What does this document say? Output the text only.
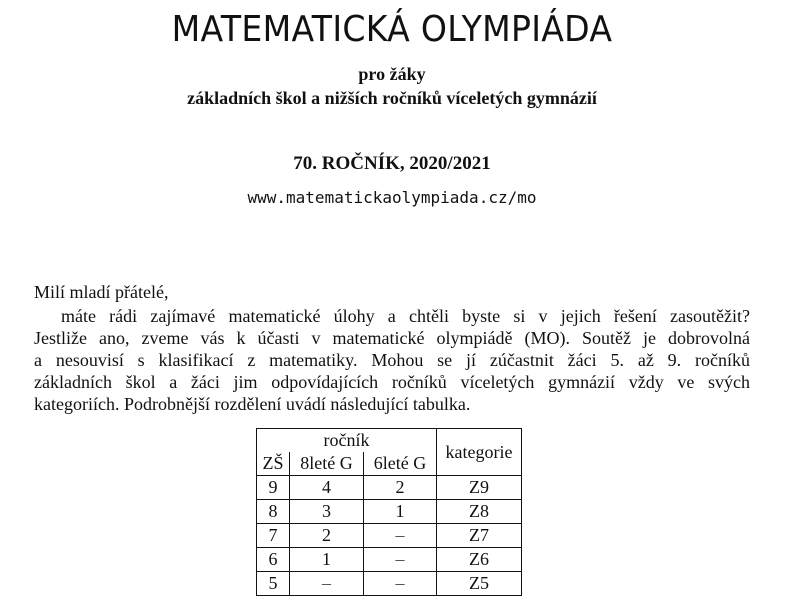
MATEMATICKÁ OLYMPIÁDA
pro žáky
základních škol a nižších ročníků víceletých gymnázií
70. ROČNÍK, 2020/2021
www.matematickaolympiada.cz/mo
Milí mladí přátelé,
máte rádi zajímavé matematické úlohy a chtěli byste si v jejich řešení zasoutěžit?
Jestliže ano, zveme vás k účasti v matematické olympiádě (MO). Soutěž je dobrovolná
a nesouvisí s klasifikací z matematiky. Mohou se jí zúčastnit žáci 5. až 9. ročníků
základních škol a žáci jim odpovídajících ročníků víceletých gymnázií vždy ve svých
kategoriích. Podrobnější rozdělení uvádí následující tabulka.
ročník			kategorie
ZŠ	8leté G	6leté G	
9	4	2	Z9
8	3	1	Z8
7	2	–	Z7
6	1	–	Z6
5	–	–	Z5
